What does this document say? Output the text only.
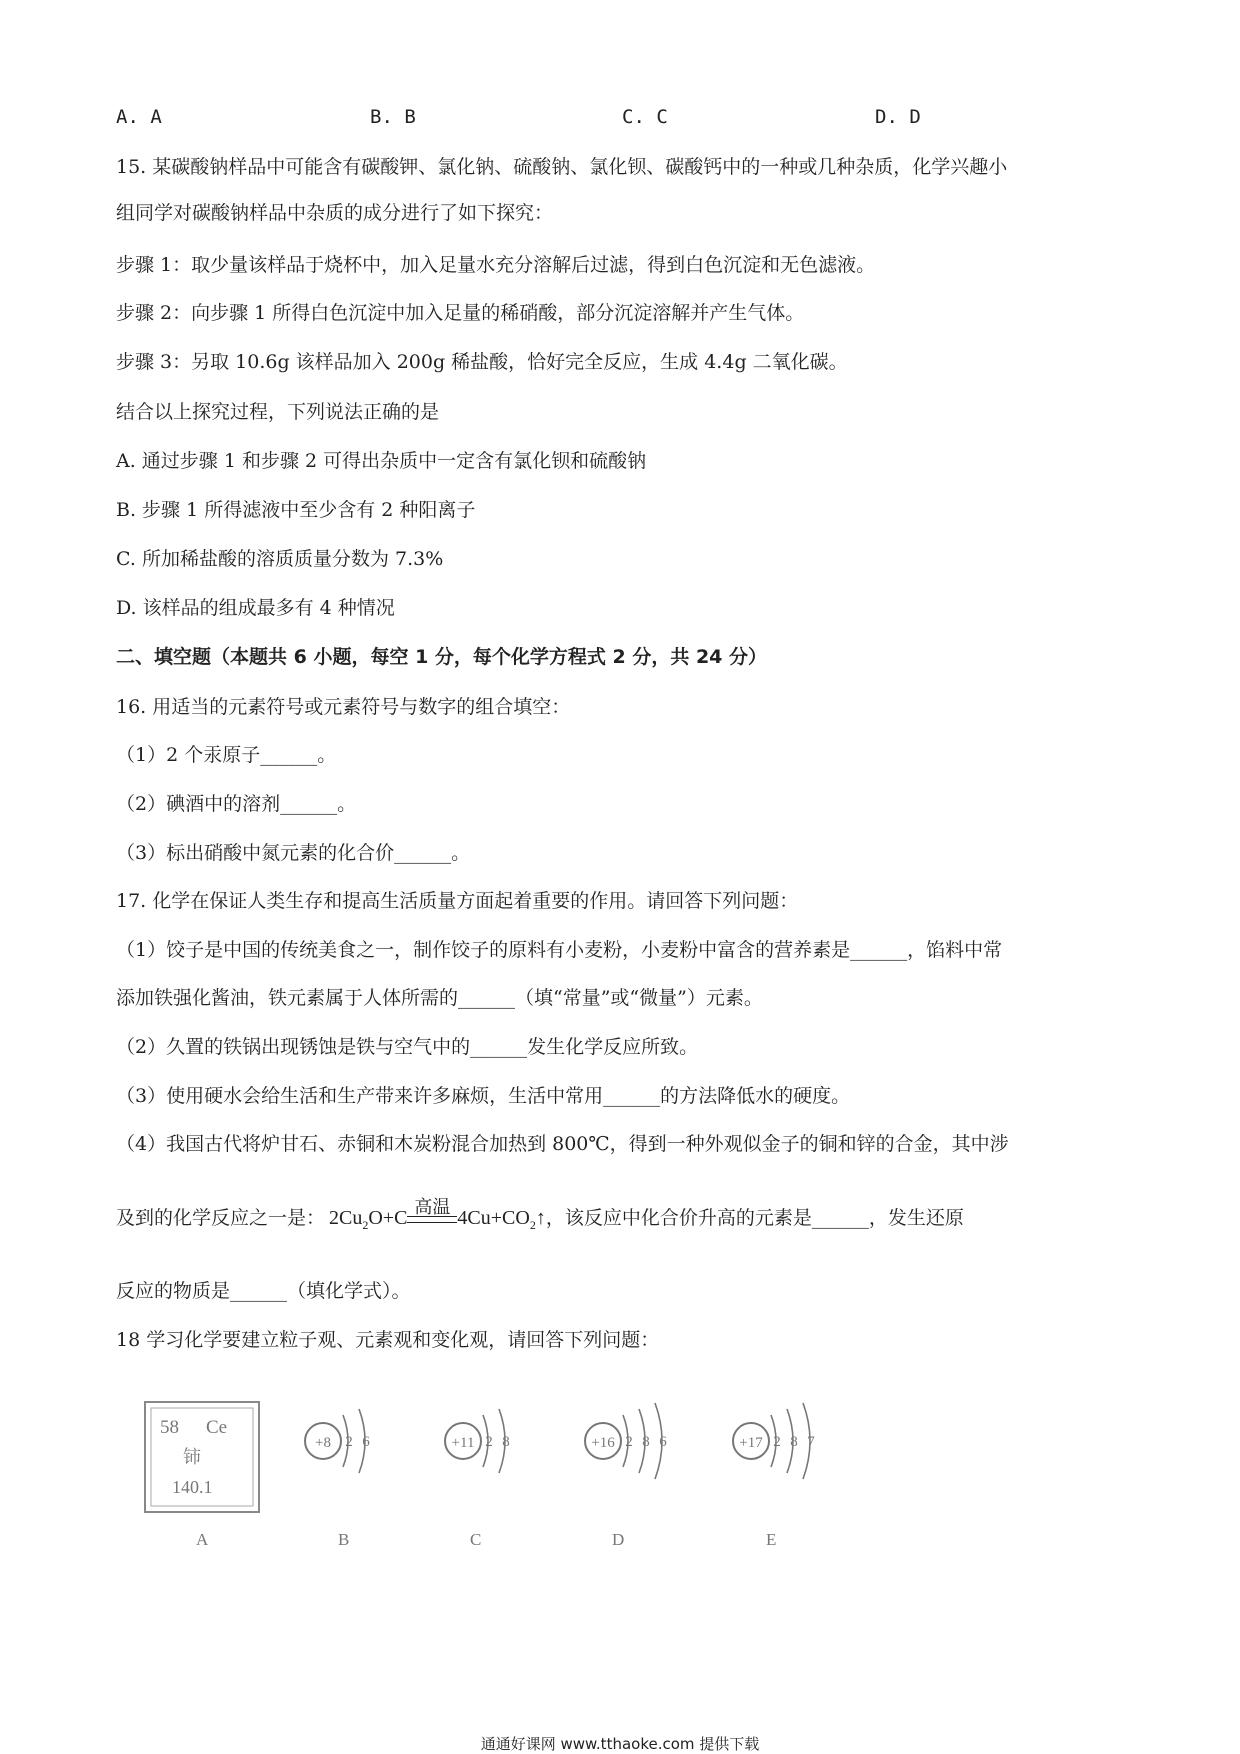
A. A	B. B	C. C	D. D
15. 某碳酸钠样品中可能含有碳酸钾、氯化钠、硫酸钠、氯化钡、碳酸钙中的一种或几种杂质，化学兴趣小
组同学对碳酸钠样品中杂质的成分进行了如下探究：
步骤 1：取少量该样品于烧杯中，加入足量水充分溶解后过滤，得到白色沉淀和无色滤液。
步骤 2：向步骤 1 所得白色沉淀中加入足量的稀硝酸，部分沉淀溶解并产生气体。
步骤 3：另取 10.6g 该样品加入 200g 稀盐酸，恰好完全反应，生成 4.4g 二氧化碳。
结合以上探究过程，下列说法正确的是
A. 通过步骤 1 和步骤 2 可得出杂质中一定含有氯化钡和硫酸钠
B. 步骤 1 所得滤液中至少含有 2 种阳离子
C. 所加稀盐酸的溶质质量分数为 7.3%
D. 该样品的组成最多有 4 种情况
二、填空题（本题共 6 小题，每空 1 分，每个化学方程式 2 分，共 24 分）
16. 用适当的元素符号或元素符号与数字的组合填空：
（1）2 个汞原子______。
（2）碘酒中的溶剂______。
（3）标出硝酸中氮元素的化合价______。
17. 化学在保证人类生存和提高生活质量方面起着重要的作用。请回答下列问题：
（1）饺子是中国的传统美食之一，制作饺子的原料有小麦粉，小麦粉中富含的营养素是______，馅料中常
添加铁强化酱油，铁元素属于人体所需的______（填“常量”或“微量”）元素。
（2）久置的铁锅出现锈蚀是铁与空气中的______发生化学反应所致。
（3）使用硬水会给生活和生产带来许多麻烦，生活中常用______的方法降低水的硬度。
（4）我国古代将炉甘石、赤铜和木炭粉混合加热到 800℃，得到一种外观似金子的铜和锌的合金，其中涉
及到的化学反应之一是： $2Cu_2O+C$ 高温 $4Cu+CO_2↑$，该反应中化合价升高的元素是______，发生还原
反应的物质是______（填化学式）。
18 学习化学要建立粒子观、元素观和变化观，请回答下列问题：
58 Ce
铈
140.1
A
+8 2 6
B
+11 2 8
C
+16 2 8 6
D
+17 2 8 7
E
通通好课网 www.tthaoke.com 提供下载
